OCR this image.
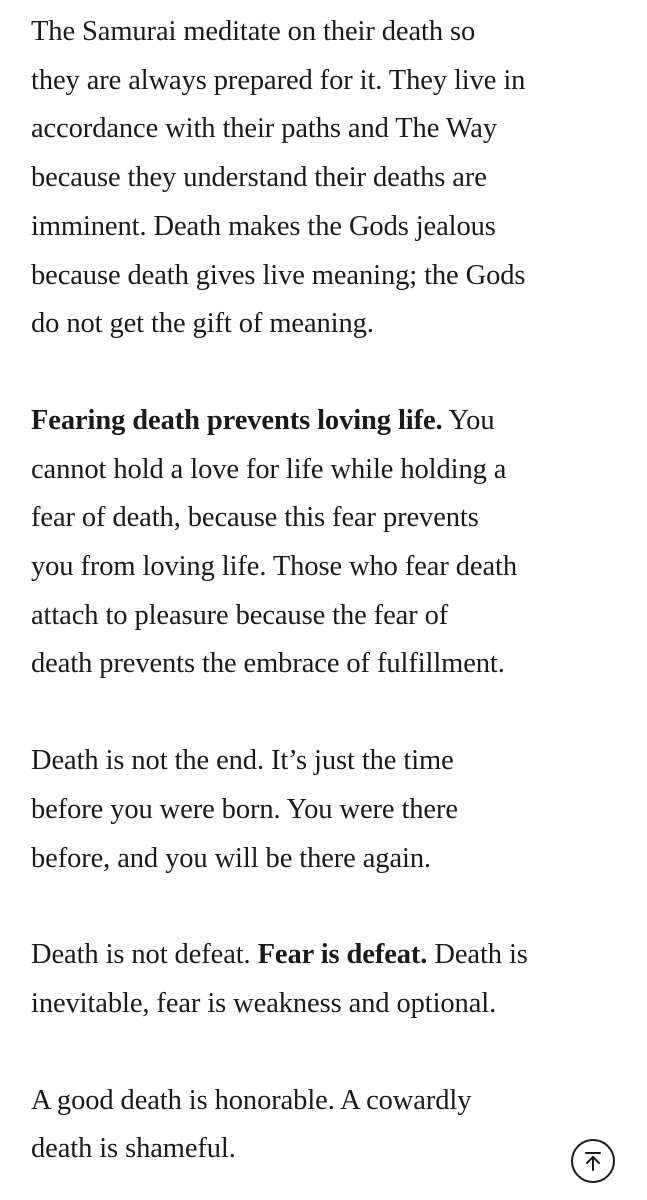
The Samurai meditate on their death so
they are always prepared for it. They live in
accordance with their paths and The Way
because they understand their deaths are
imminent. Death makes the Gods jealous
because death gives live meaning; the Gods
do not get the gift of meaning.

Fearing death prevents loving life. You
cannot hold a love for life while holding a
fear of death, because this fear prevents
you from loving life. Those who fear death
attach to pleasure because the fear of
death prevents the embrace of fulfillment.

Death is not the end. It’s just the time
before you were born. You were there
before, and you will be there again.

Death is not defeat. Fear is defeat. Death is
inevitable, fear is weakness and optional.

A good death is honorable. A cowardly
death is shameful.
